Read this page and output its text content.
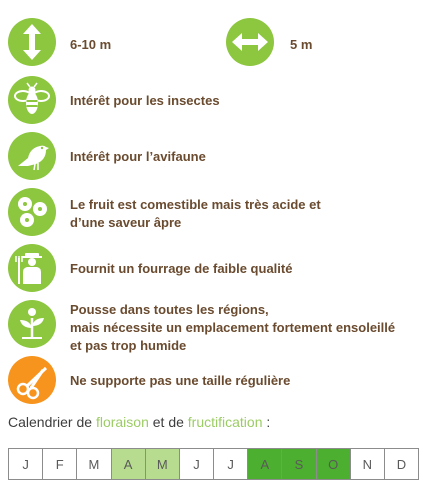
6-10 m	5 m
Intérêt pour les insectes
Intérêt pour l’avifaune
Le fruit est comestible mais très acide et
d’une saveur âpre
Fournit un fourrage de faible qualité
Pousse dans toutes les régions,
mais nécessite un emplacement fortement ensoleillé
et pas trop humide
Ne supporte pas une taille régulière
Calendrier de floraison et de fructification :
J	F	M	A	M	J	J	A	S	O	N	D
